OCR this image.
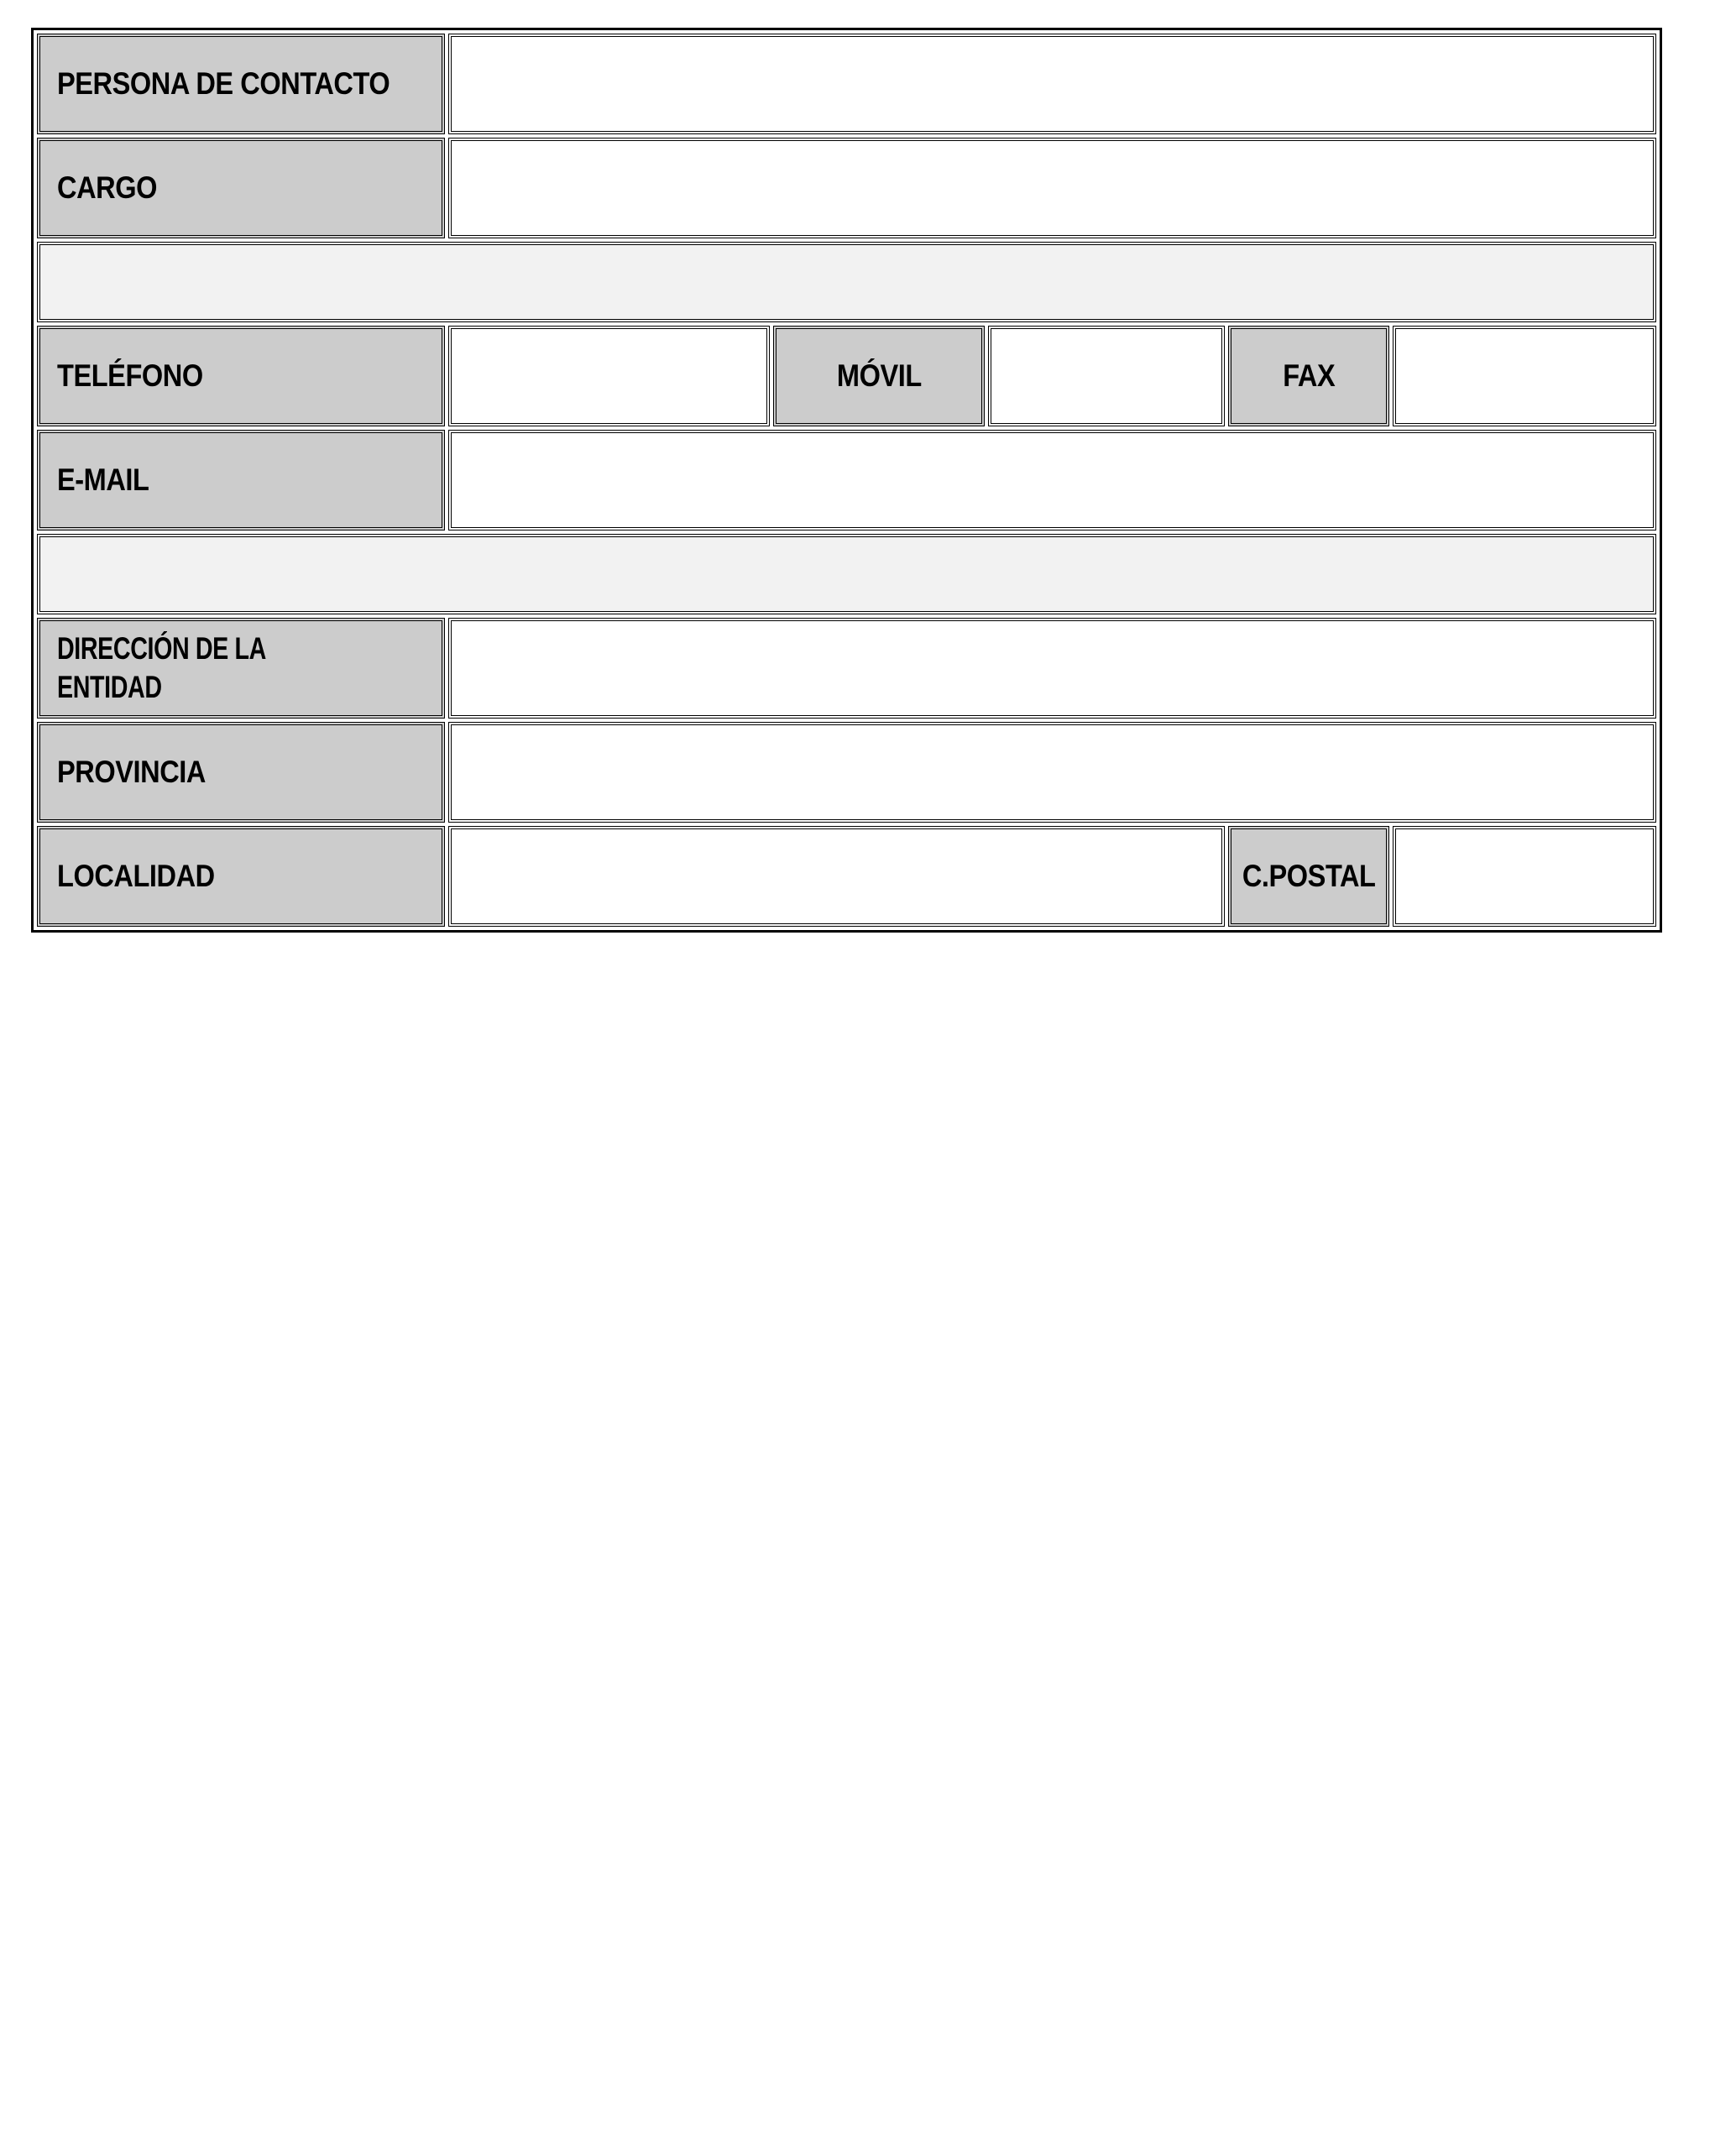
PERSONA DE CONTACTO					
CARGO					

TELÉFONO		MÓVIL		FAX	
E-MAIL					

DIRECCIÓN DE LA
ENTIDAD					
PROVINCIA					
LOCALIDAD				C.POSTAL	
